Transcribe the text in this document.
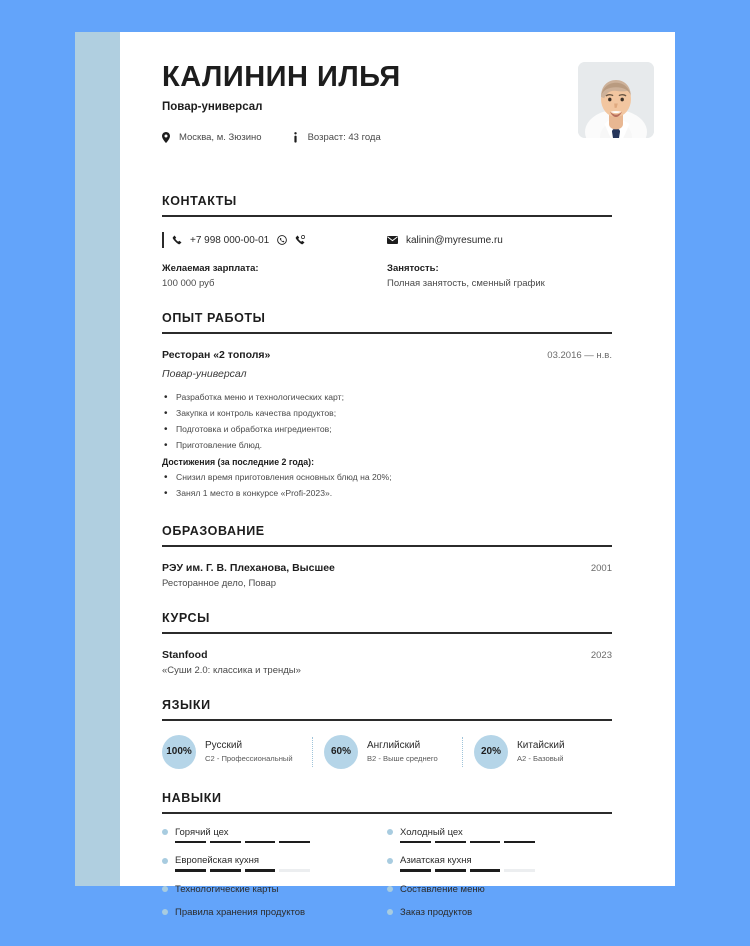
КАЛИНИН ИЛЬЯ
Повар-универсал
Москва, м. Зюзино	Возраст: 43 года
КОНТАКТЫ
+7 998 000-00-01	kalinin@myresume.ru
Желаемая зарплата:
100 000 руб
Занятость:
Полная занятость, сменный график
ОПЫТ РАБОТЫ
Ресторан «2 тополя»	03.2016 — н.в.
Повар-универсал
• Разработка меню и технологических карт;
• Закупка и контроль качества продуктов;
• Подготовка и обработка ингредиентов;
• Приготовление блюд.
Достижения (за последние 2 года):
• Снизил время приготовления основных блюд на 20%;
• Занял 1 место в конкурсе «Profi-2023».
ОБРАЗОВАНИЕ
РЭУ им. Г. В. Плеханова, Высшее	2001
Ресторанное дело, Повар
КУРСЫ
Stanfood	2023
«Суши 2.0: классика и тренды»
ЯЗЫКИ
100%
Русский
C2 - Профессиональный
60%
Английский
B2 - Выше среднего
20%
Китайский
A2 - Базовый
НАВЫКИ
Горячий цех	Холодный цех
Европейская кухня	Азиатская кухня
Технологические карты	Составление меню
Правила хранения продуктов	Заказ продуктов
